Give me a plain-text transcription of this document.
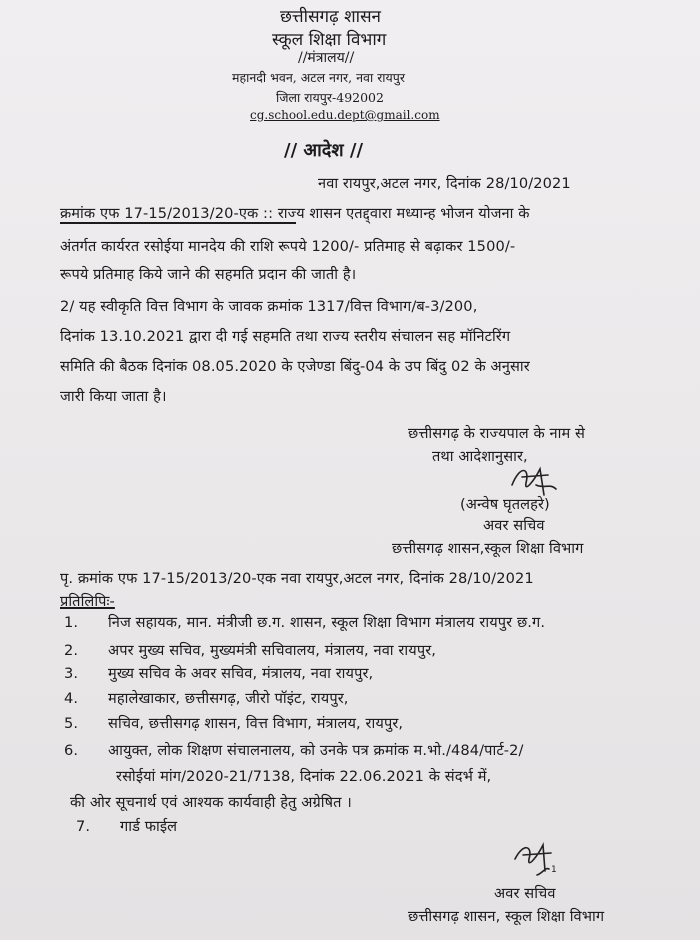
छत्तीसगढ़ शासन
स्कूल शिक्षा विभाग
//मंत्रालय//
महानदी भवन, अटल नगर, नवा रायपुर
जिला रायपुर-492002
cg.school.edu.dept@gmail.com
// आदेश //
नवा रायपुर,अटल नगर, दिनांक 28/10/2021
क्रमांक एफ 17-15/2013/20-एक :: राज्य शासन एतद्द्वारा मध्यान्ह भोजन योजना के
अंतर्गत कार्यरत रसोईया मानदेय की राशि रूपये 1200/- प्रतिमाह से बढ़ाकर 1500/-
रूपये प्रतिमाह किये जाने की सहमति प्रदान की जाती है।
2/ यह स्वीकृति वित्त विभाग के जावक क्रमांक 1317/वित्त विभाग/ब-3/200,
दिनांक 13.10.2021 द्वारा दी गई सहमति तथा राज्य स्तरीय संचालन सह मॉनिटरिंग
समिति की बैठक दिनांक 08.05.2020 के एजेण्डा बिंदु-04 के उप बिंदु 02 के अनुसार
जारी किया जाता है।
छत्तीसगढ़ के राज्यपाल के नाम से
तथा आदेशानुसार,
(अन्वेष घृतलहरे)
अवर सचिव
छत्तीसगढ़ शासन,स्कूल शिक्षा विभाग
पृ. क्रमांक एफ 17-15/2013/20-एक नवा रायपुर,अटल नगर, दिनांक 28/10/2021
प्रतिलिपिः-
1. निज सहायक, मान. मंत्रीजी छ.ग. शासन, स्कूल शिक्षा विभाग मंत्रालय रायपुर छ.ग.
2. अपर मुख्य सचिव, मुख्यमंत्री सचिवालय, मंत्रालय, नवा रायपुर,
3. मुख्य सचिव के अवर सचिव, मंत्रालय, नवा रायपुर,
4. महालेखाकार, छत्तीसगढ़, जीरो पॉइंट, रायपुर,
5. सचिव, छत्तीसगढ़ शासन, वित्त विभाग, मंत्रालय, रायपुर,
6. आयुक्त, लोक शिक्षण संचालनालय, को उनके पत्र क्रमांक म.भो./484/पार्ट-2/
रसोईयां मांग/2020-21/7138, दिनांक 22.06.2021 के संदर्भ में,
की ओर सूचनार्थ एवं आश्यक कार्यवाही हेतु अग्रेषित ।
7. गार्ड फाईल
1
अवर सचिव
छत्तीसगढ़ शासन, स्कूल शिक्षा विभाग
